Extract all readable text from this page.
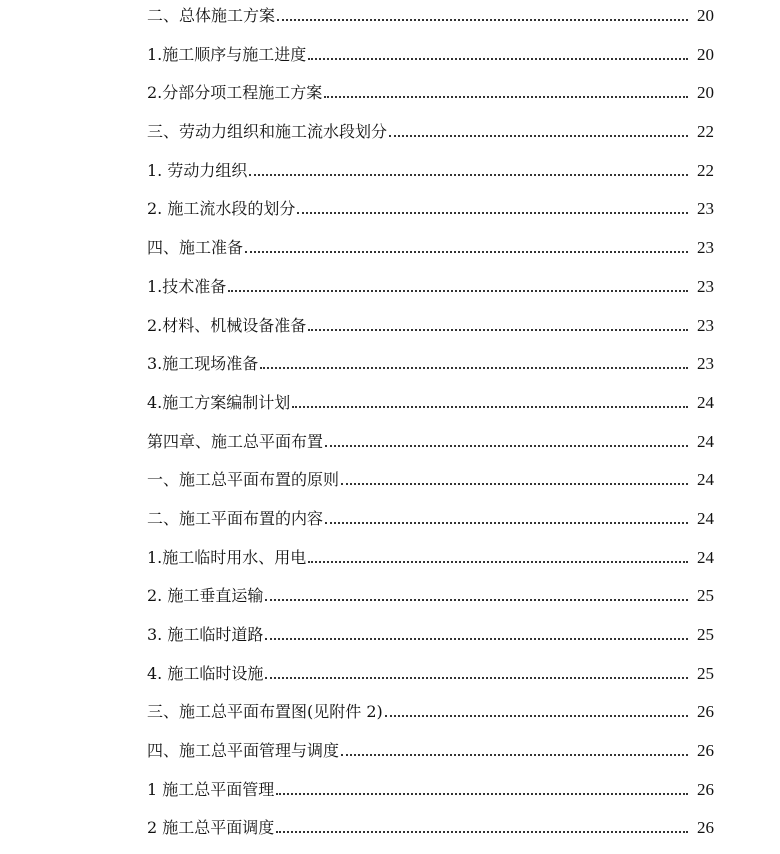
二、总体施工方案	20
1.施工顺序与施工进度	20
2.分部分项工程施工方案	20
三、劳动力组织和施工流水段划分	22
1. 劳动力组织	22
2. 施工流水段的划分	23
四、施工准备	23
1.技术准备	23
2.材料、机械设备准备	23
3.施工现场准备	23
4.施工方案编制计划	24
第四章、施工总平面布置	24
一、施工总平面布置的原则	24
二、施工平面布置的内容	24
1.施工临时用水、用电	24
2. 施工垂直运输	25
3. 施工临时道路	25
4. 施工临时设施	25
三、施工总平面布置图(见附件 2)	26
四、施工总平面管理与调度	26
1 施工总平面管理	26
2 施工总平面调度	26
